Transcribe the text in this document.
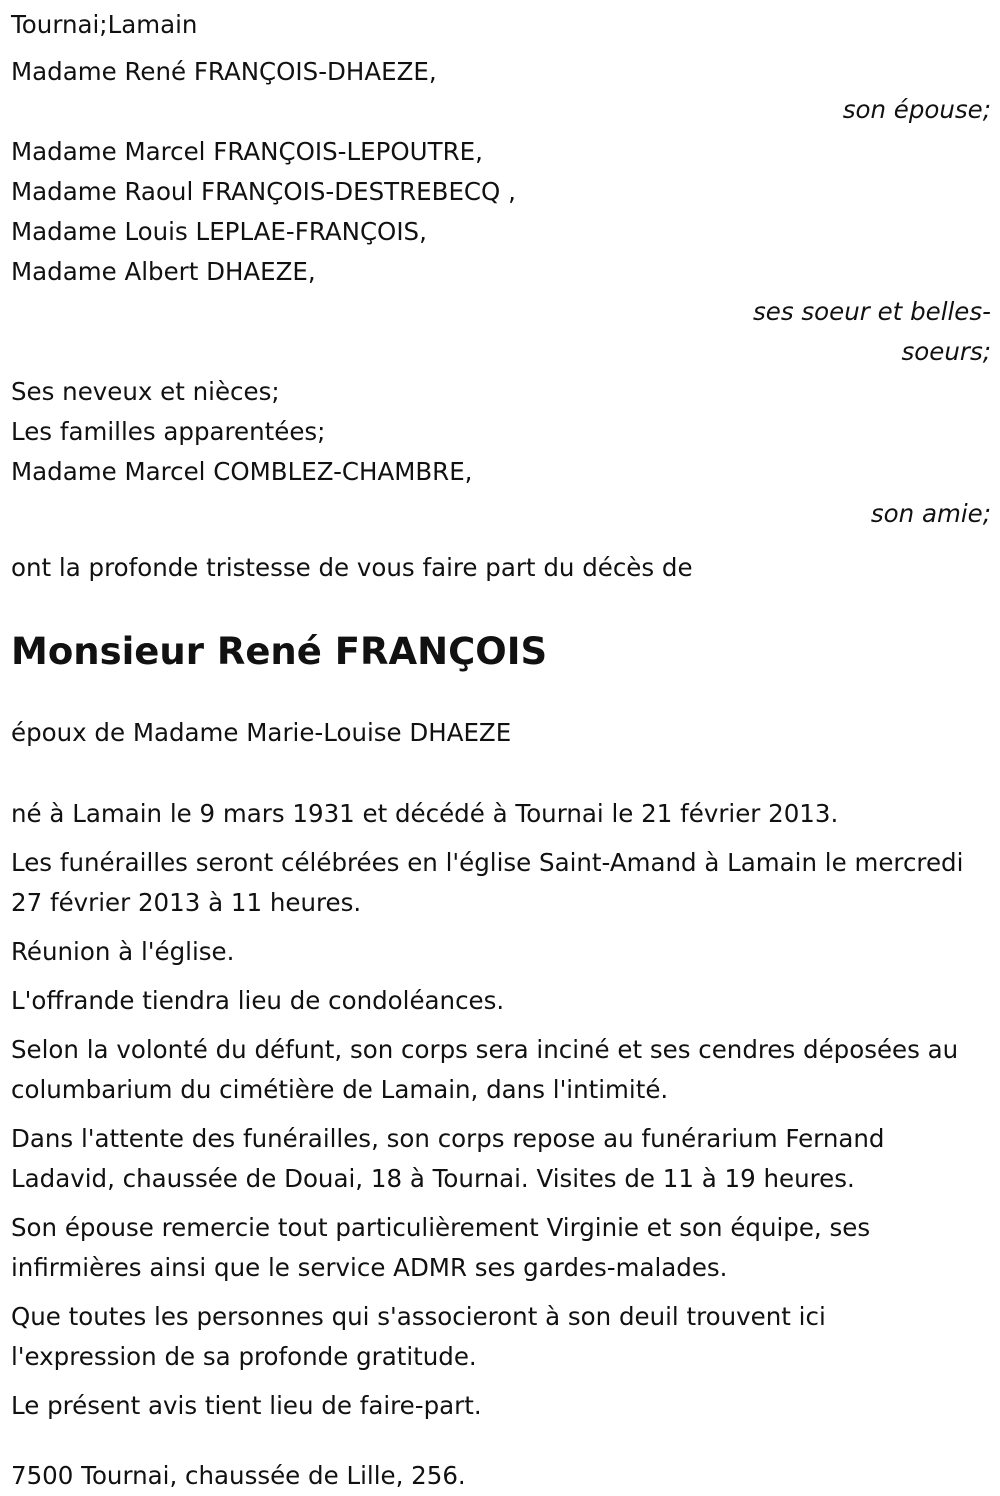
Tournai;Lamain
Madame René FRANÇOIS-DHAEZE,
son épouse;
Madame Marcel FRANÇOIS-LEPOUTRE,
Madame Raoul FRANÇOIS-DESTREBECQ ,
Madame Louis LEPLAE-FRANÇOIS,
Madame Albert DHAEZE,
ses soeur et belles-
soeurs;
Ses neveux et nièces;
Les familles apparentées;
Madame Marcel COMBLEZ-CHAMBRE,
son amie;
ont la profonde tristesse de vous faire part du décès de
Monsieur René FRANÇOIS
époux de Madame Marie-Louise DHAEZE
né à Lamain le 9 mars 1931 et décédé à Tournai le 21 février 2013.
Les funérailles seront célébrées en l'église Saint-Amand à Lamain le mercredi 27 février 2013 à 11 heures.
Réunion à l'église.
L'offrande tiendra lieu de condoléances.
Selon la volonté du défunt, son corps sera inciné et ses cendres déposées au columbarium du cimétière de Lamain, dans l'intimité.
Dans l'attente des funérailles, son corps repose au funérarium Fernand Ladavid, chaussée de Douai, 18 à Tournai. Visites de 11 à 19 heures.
Son épouse remercie tout particulièrement Virginie et son équipe, ses infirmières ainsi que le service ADMR ses gardes-malades.
Que toutes les personnes qui s'associeront à son deuil trouvent ici l'expression de sa profonde gratitude.
Le présent avis tient lieu de faire-part.
7500 Tournai, chaussée de Lille, 256.
